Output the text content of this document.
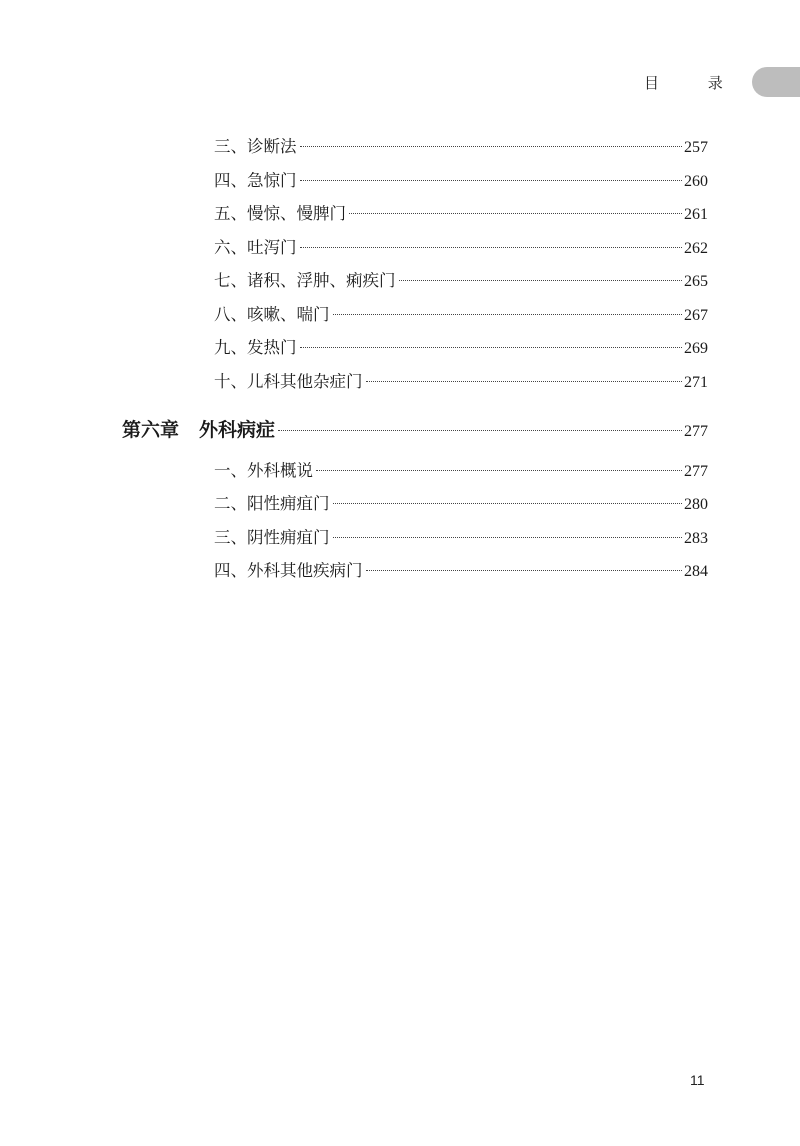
目 录
三、诊断法	257
四、急惊门	260
五、慢惊、慢脾门	261
六、吐泻门	262
七、诸积、浮肿、痢疾门	265
八、咳嗽、喘门	267
九、发热门	269
十、儿科其他杂症门	271
第六章 外科病症	277
一、外科概说	277
二、阳性痈疽门	280
三、阴性痈疽门	283
四、外科其他疾病门	284
11
